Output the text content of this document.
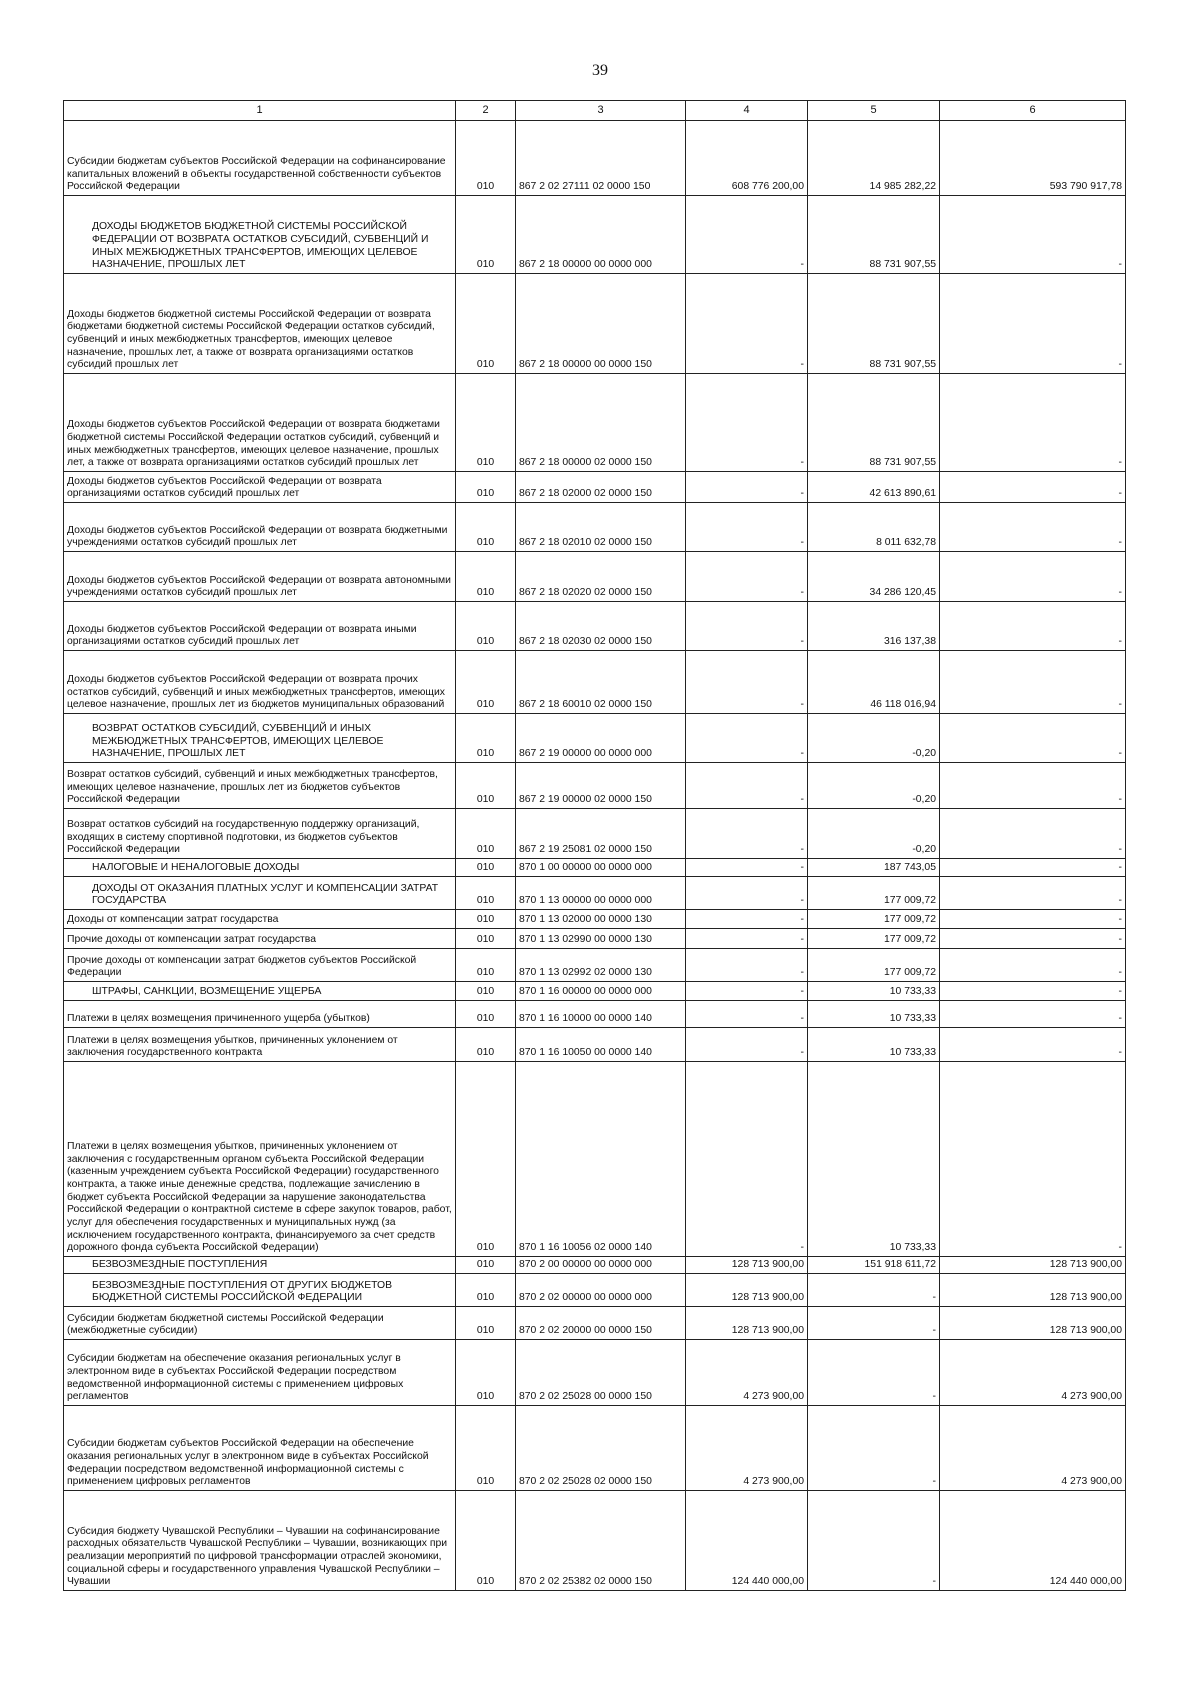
39
1	2	3	4	5	6
Субсидии бюджетам субъектов Российской Федерации на софинансирование капитальных вложений в объекты государственной собственности субъектов Российской Федерации	010	867 2 02 27111 02 0000 150	608 776 200,00	14 985 282,22	593 790 917,78
ДОХОДЫ БЮДЖЕТОВ БЮДЖЕТНОЙ СИСТЕМЫ РОССИЙСКОЙ ФЕДЕРАЦИИ ОТ ВОЗВРАТА ОСТАТКОВ СУБСИДИЙ, СУБВЕНЦИЙ И ИНЫХ МЕЖБЮДЖЕТНЫХ ТРАНСФЕРТОВ, ИМЕЮЩИХ ЦЕЛЕВОЕ НАЗНАЧЕНИЕ, ПРОШЛЫХ ЛЕТ	010	867 2 18 00000 00 0000 000	-	88 731 907,55	-
Доходы бюджетов бюджетной системы Российской Федерации от возврата бюджетами бюджетной системы Российской Федерации остатков субсидий, субвенций и иных межбюджетных трансфертов, имеющих целевое назначение, прошлых лет, а также от возврата организациями остатков субсидий прошлых лет	010	867 2 18 00000 00 0000 150	-	88 731 907,55	-
Доходы бюджетов субъектов Российской Федерации от возврата бюджетами бюджетной системы Российской Федерации остатков субсидий, субвенций и иных межбюджетных трансфертов, имеющих целевое назначение, прошлых лет, а также от возврата организациями остатков субсидий прошлых лет	010	867 2 18 00000 02 0000 150	-	88 731 907,55	-
Доходы бюджетов субъектов Российской Федерации от возврата организациями остатков субсидий прошлых лет	010	867 2 18 02000 02 0000 150	-	42 613 890,61	-
Доходы бюджетов субъектов Российской Федерации от возврата бюджетными учреждениями остатков субсидий прошлых лет	010	867 2 18 02010 02 0000 150	-	8 011 632,78	-
Доходы бюджетов субъектов Российской Федерации от возврата автономными учреждениями остатков субсидий прошлых лет	010	867 2 18 02020 02 0000 150	-	34 286 120,45	-
Доходы бюджетов субъектов Российской Федерации от возврата иными организациями остатков субсидий прошлых лет	010	867 2 18 02030 02 0000 150	-	316 137,38	-
Доходы бюджетов субъектов Российской Федерации от возврата прочих остатков субсидий, субвенций и иных межбюджетных трансфертов, имеющих целевое назначение, прошлых лет из бюджетов муниципальных образований	010	867 2 18 60010 02 0000 150	-	46 118 016,94	-
ВОЗВРАТ ОСТАТКОВ СУБСИДИЙ, СУБВЕНЦИЙ И ИНЫХ МЕЖБЮДЖЕТНЫХ ТРАНСФЕРТОВ, ИМЕЮЩИХ ЦЕЛЕВОЕ НАЗНАЧЕНИЕ, ПРОШЛЫХ ЛЕТ	010	867 2 19 00000 00 0000 000	-	-0,20	-
Возврат остатков субсидий, субвенций и иных межбюджетных трансфертов, имеющих целевое назначение, прошлых лет из бюджетов субъектов Российской Федерации	010	867 2 19 00000 02 0000 150	-	-0,20	-
Возврат остатков субсидий на государственную поддержку организаций, входящих в систему спортивной подготовки, из бюджетов субъектов Российской Федерации	010	867 2 19 25081 02 0000 150	-	-0,20	-
НАЛОГОВЫЕ И НЕНАЛОГОВЫЕ ДОХОДЫ	010	870 1 00 00000 00 0000 000	-	187 743,05	-
ДОХОДЫ ОТ ОКАЗАНИЯ ПЛАТНЫХ УСЛУГ И КОМПЕНСАЦИИ ЗАТРАТ ГОСУДАРСТВА	010	870 1 13 00000 00 0000 000	-	177 009,72	-
Доходы от компенсации затрат государства	010	870 1 13 02000 00 0000 130	-	177 009,72	-
Прочие доходы от компенсации затрат государства	010	870 1 13 02990 00 0000 130	-	177 009,72	-
Прочие доходы от компенсации затрат бюджетов субъектов Российской Федерации	010	870 1 13 02992 02 0000 130	-	177 009,72	-
ШТРАФЫ, САНКЦИИ, ВОЗМЕЩЕНИЕ УЩЕРБА	010	870 1 16 00000 00 0000 000	-	10 733,33	-
Платежи в целях возмещения причиненного ущерба (убытков)	010	870 1 16 10000 00 0000 140	-	10 733,33	-
Платежи в целях возмещения убытков, причиненных уклонением от заключения государственного контракта	010	870 1 16 10050 00 0000 140	-	10 733,33	-
Платежи в целях возмещения убытков, причиненных уклонением от заключения с государственным органом субъекта Российской Федерации (казенным учреждением субъекта Российской Федерации) государственного контракта, а также иные денежные средства, подлежащие зачислению в бюджет субъекта Российской Федерации за нарушение законодательства Российской Федерации о контрактной системе в сфере закупок товаров, работ, услуг для обеспечения государственных и муниципальных нужд (за исключением государственного контракта, финансируемого за счет средств дорожного фонда субъекта Российской Федерации)	010	870 1 16 10056 02 0000 140	-	10 733,33	-
БЕЗВОЗМЕЗДНЫЕ ПОСТУПЛЕНИЯ	010	870 2 00 00000 00 0000 000	128 713 900,00	151 918 611,72	128 713 900,00
БЕЗВОЗМЕЗДНЫЕ ПОСТУПЛЕНИЯ ОТ ДРУГИХ БЮДЖЕТОВ БЮДЖЕТНОЙ СИСТЕМЫ РОССИЙСКОЙ ФЕДЕРАЦИИ	010	870 2 02 00000 00 0000 000	128 713 900,00	-	128 713 900,00
Субсидии бюджетам бюджетной системы Российской Федерации (межбюджетные субсидии)	010	870 2 02 20000 00 0000 150	128 713 900,00	-	128 713 900,00
Субсидии бюджетам на обеспечение оказания региональных услуг в электронном виде в субъектах Российской Федерации посредством ведомственной информационной системы с применением цифровых регламентов	010	870 2 02 25028 00 0000 150	4 273 900,00	-	4 273 900,00
Субсидии бюджетам субъектов Российской Федерации на обеспечение оказания региональных услуг в электронном виде в субъектах Российской Федерации посредством ведомственной информационной системы с применением цифровых регламентов	010	870 2 02 25028 02 0000 150	4 273 900,00	-	4 273 900,00
Субсидия бюджету Чувашской Республики – Чувашии на софинансирование расходных обязательств Чувашской Республики – Чувашии, возникающих при реализации мероприятий по цифровой трансформации отраслей экономики, социальной сферы и государственного управления Чувашской Республики – Чувашии	010	870 2 02 25382 02 0000 150	124 440 000,00	-	124 440 000,00
